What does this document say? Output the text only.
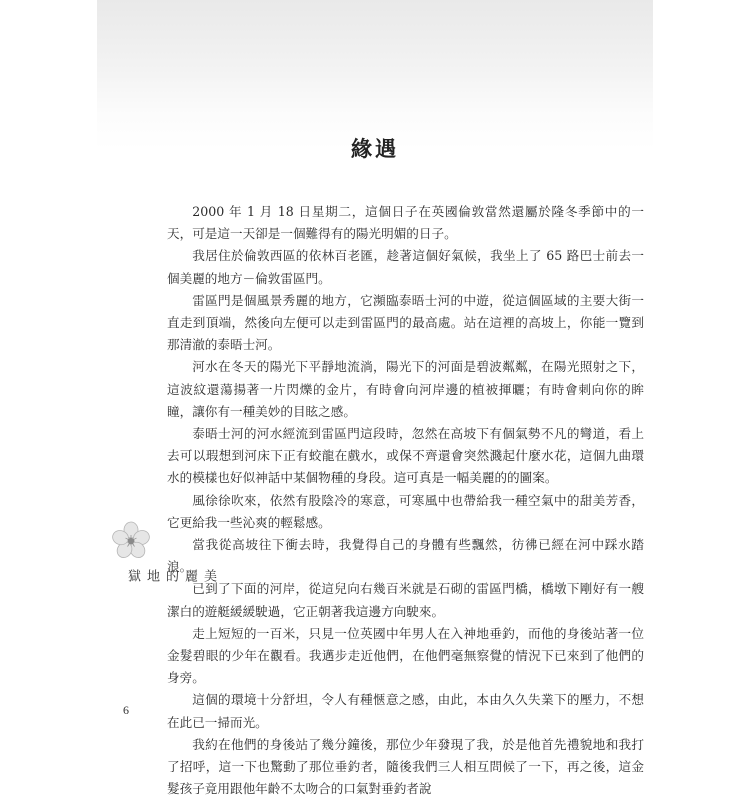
緣遇

2000 年 1 月 18 日星期二，這個日子在英國倫敦當然還屬於隆冬季節中的一天，可是這一天卻是一個難得有的陽光明媚的日子。

我居住於倫敦西區的依林百老匯，趁著這個好氣候，我坐上了 65 路巴士前去一個美麗的地方－倫敦雷區門。

雷區門是個風景秀麗的地方，它瀕臨泰晤士河的中遊，從這個區域的主要大街一直走到頂端，然後向左便可以走到雷區門的最高處。站在這裡的高坡上，你能一覽到那清澈的泰晤士河。

河水在冬天的陽光下平靜地流淌，陽光下的河面是碧波粼粼，在陽光照射之下，這波紋還蕩揚著一片閃爍的金片，有時會向河岸邊的植被揮曬；有時會刺向你的眸瞳，讓你有一種美妙的目眩之感。

泰晤士河的河水經流到雷區門這段時，忽然在高坡下有個氣勢不凡的彎道，看上去可以瑕想到河床下正有蛟龍在戲水，或保不齊還會突然濺起什麼水花，這個九曲環水的模樣也好似神話中某個物種的身段。這可真是一幅美麗的的圖案。

風徐徐吹來，依然有股陰冷的寒意，可寒風中也帶給我一種空氣中的甜美芳香，它更給我一些沁爽的輕鬆感。

當我從高坡往下衝去時，我覺得自己的身體有些飄然，彷彿已經在河中踩水踏浪。

已到了下面的河岸，從這兒向右幾百米就是石砌的雷區門橋，橋墩下剛好有一艘潔白的遊艇緩緩駛過，它正朝著我這邊方向駛來。

走上短短的一百米，只見一位英國中年男人在入神地垂釣，而他的身後站著一位金髮碧眼的少年在觀看。我邁步走近他們，在他們毫無察覺的情況下已來到了他們的身旁。

這個的環境十分舒坦，令人有種愜意之感，由此，本由久久失業下的壓力，不想在此已一掃而光。

我約在他們的身後站了幾分鐘後，那位少年發現了我，於是他首先禮貌地和我打了招呼，這一下也驚動了那位垂釣者，隨後我們三人相互問候了一下，再之後，這金髮孩子竟用跟他年齡不太吻合的口氣對垂釣者說

美麗的地獄
6
